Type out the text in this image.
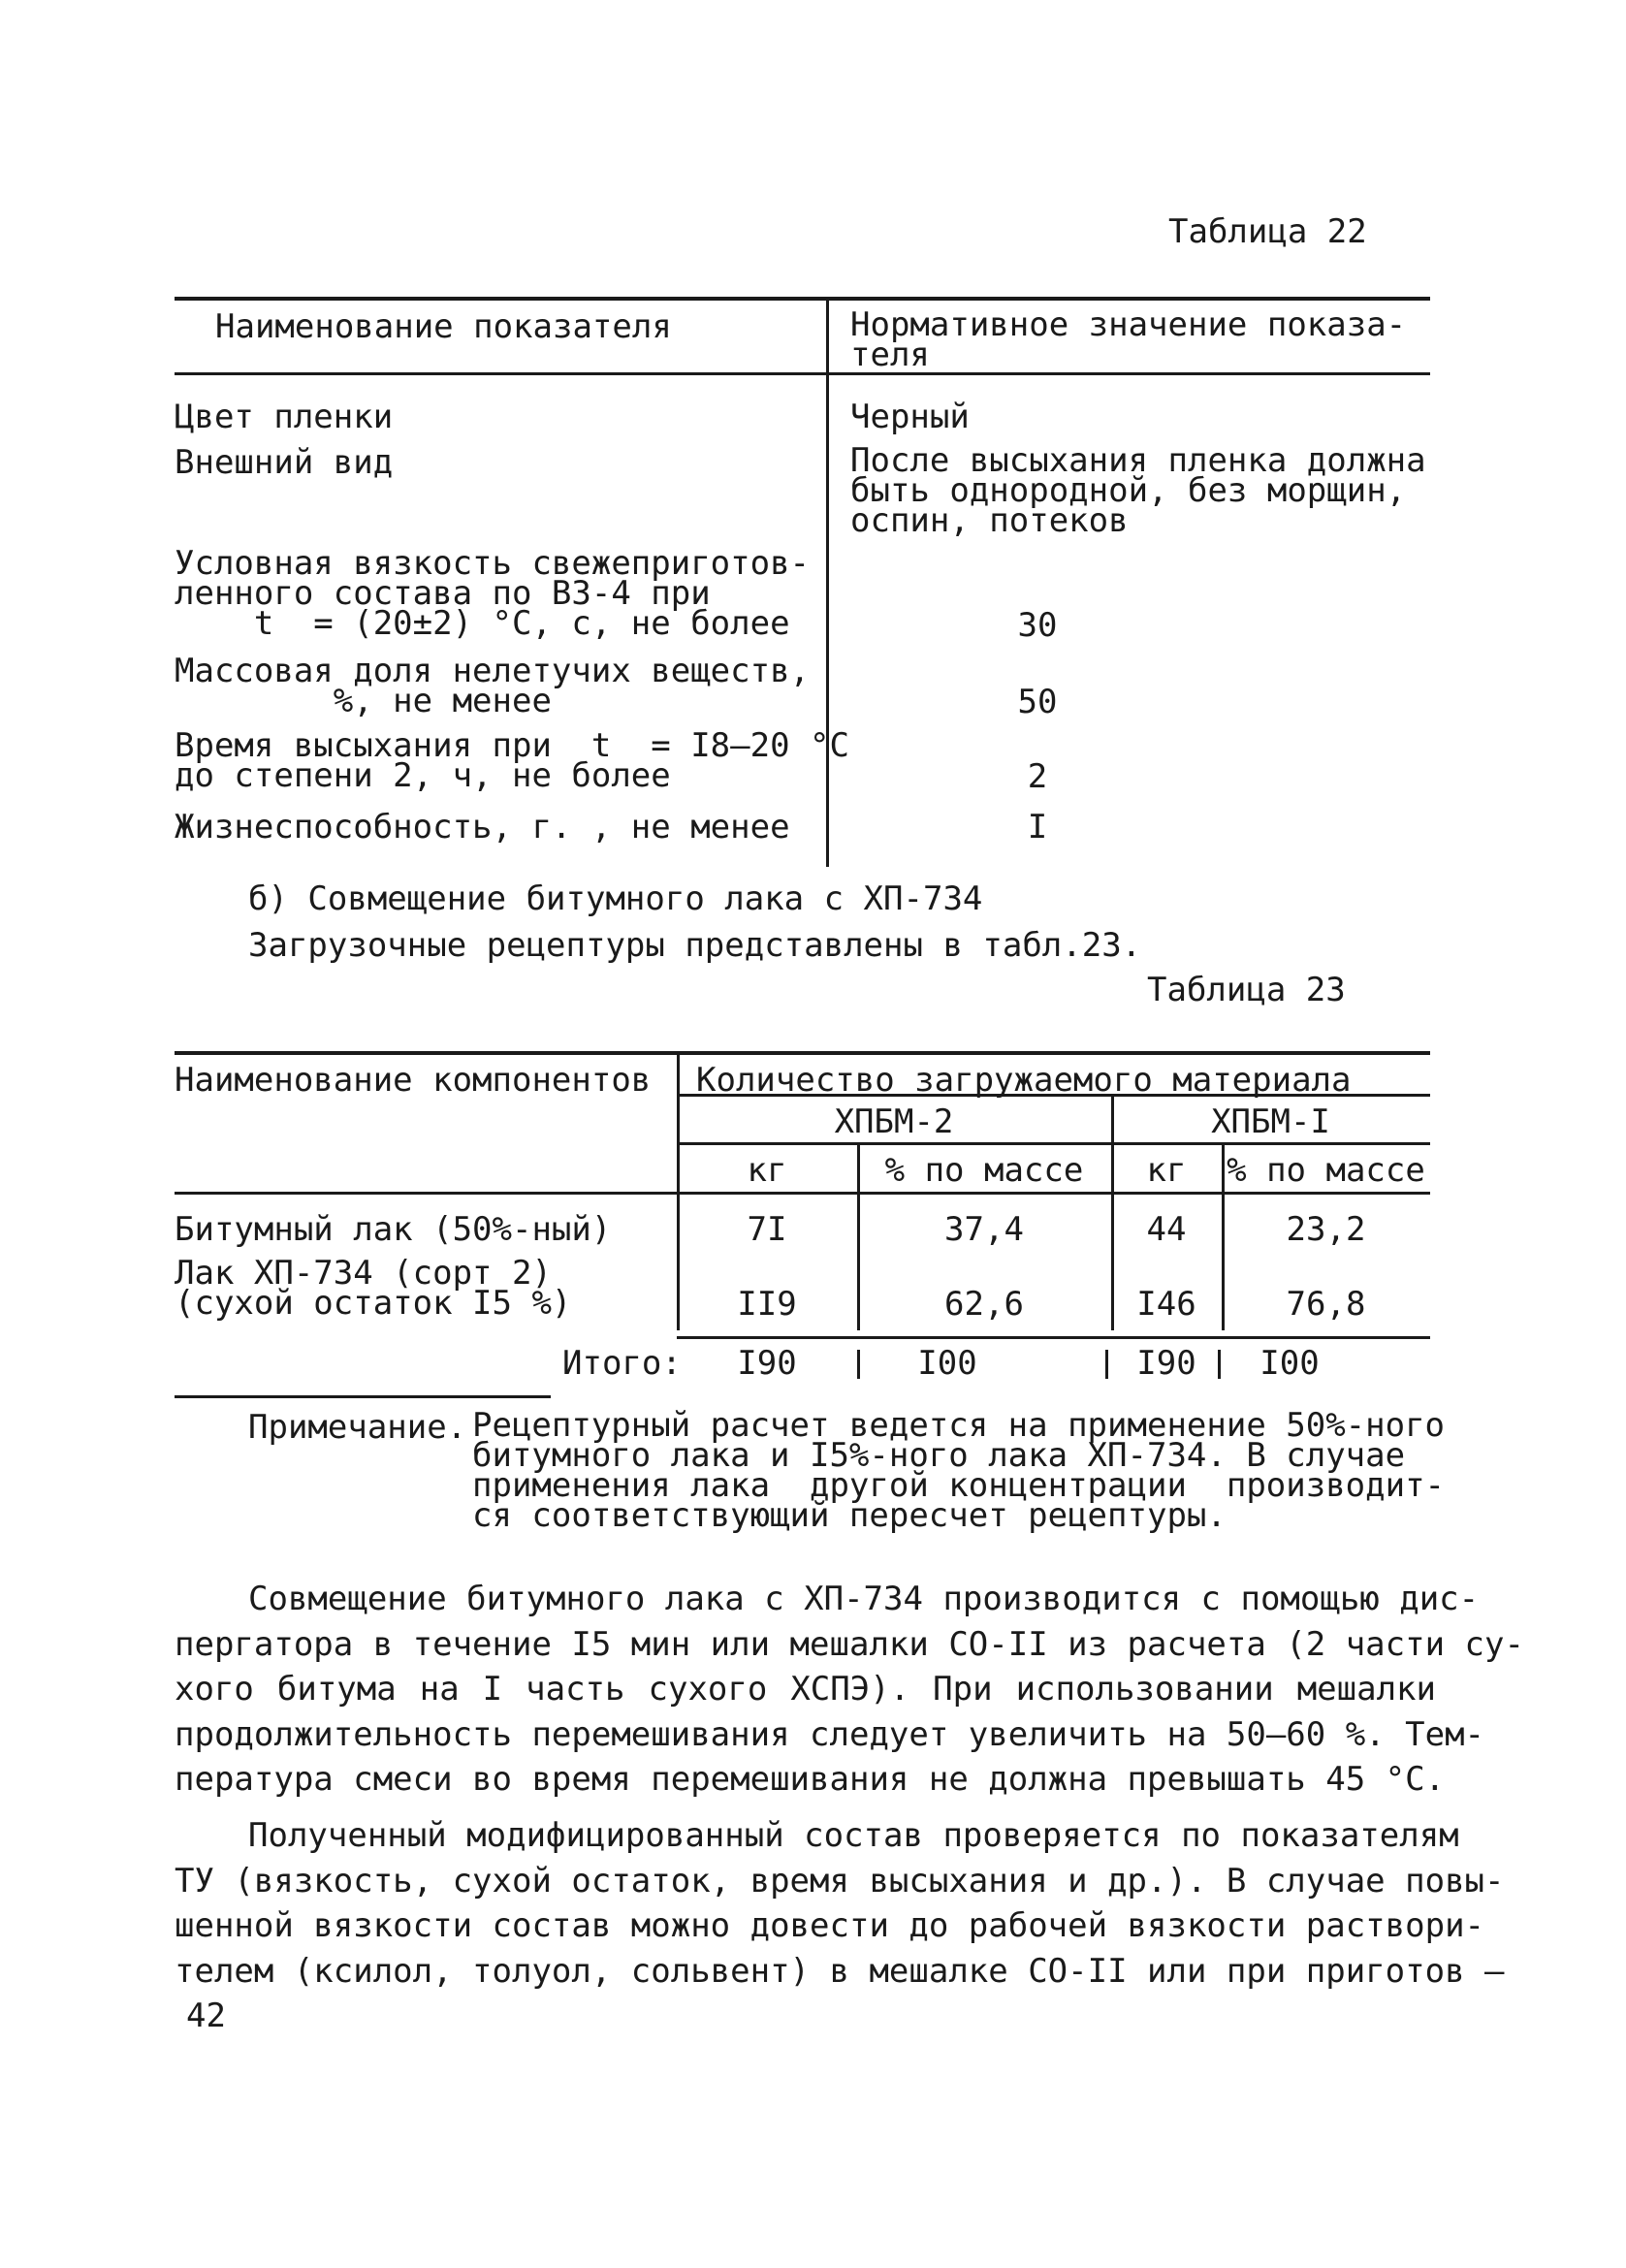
Таблица 22
Наименование показателя	Нормативное значение показа-
теля
Цвет пленки	Черный
Внешний вид	После высыхания пленка должна
быть однородной, без морщин,
оспин, потеков
Условная вязкость свежеприготов-
ленного состава по ВЗ-4 при
t  = (20±2) °С, с, не более	30
Массовая доля нелетучих веществ,
%, не менее	50
Время высыхания при  t  = I8–20 °С
до степени 2, ч, не более	2
Жизнеспособность, г. , не менее	I
б) Совмещение битумного лака с ХП-734
Загрузочные рецептуры представлены в табл.23.
Таблица 23
Наименование компонентов Количество загружаемого материала
ХПБМ-2	ХПБМ-I
кг	% по массе	кг	% по массе
Битумный лак (50%-ный)	7I	37,4	44	23,2
Лак ХП-734 (сорт 2)
(сухой остаток I5 %)	II9	62,6	I46	76,8
Итого:	I90	I00	I90	I00
Примечание. Рецептурный расчет ведется на применение 50%-ного
битумного лака и I5%-ного лака ХП-734. В случае
применения лака  другой концентрации  производит-
ся соответствующий пересчет рецептуры.
Совмещение битумного лака с ХП-734 производится с помощью дис-
пергатора в течение I5 мин или мешалки СО-II из расчета (2 части су-
хого битума на I часть сухого ХСПЭ). При использовании мешалки
продолжительность перемешивания следует увеличить на 50–60 %. Тем-
пература смеси во время перемешивания не должна превышать 45 °С.
Полученный модифицированный состав проверяется по показателям
ТУ (вязкость, сухой остаток, время высыхания и др.). В случае повы-
шенной вязкости состав можно довести до рабочей вязкости раствори-
телем (ксилол, толуол, сольвент) в мешалке СО-II или при приготов –
42
